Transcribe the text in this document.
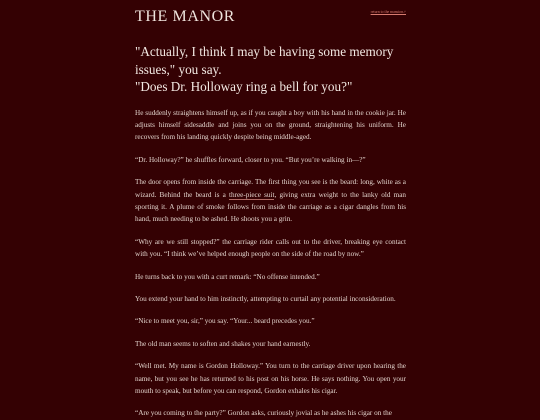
THE MANOR	return to the mansion↗
"Actually, I think I may be having some memory issues," you say.
"Does Dr. Holloway ring a bell for you?"

He suddenly straightens himself up, as if you caught a boy with his hand in the cookie jar. He adjusts himself sidesaddle and joins you on the ground, straightening his uniform. He recovers from his landing quickly despite being middle-aged.

“Dr. Holloway?” he shuffles forward, closer to you. “But you’re walking in—?”

The door opens from inside the carriage. The first thing you see is the beard: long, white as a wizard. Behind the beard is a three-piece suit, giving extra weight to the lanky old man sporting it. A plume of smoke follows from inside the carriage as a cigar dangles from his hand, much needing to be ashed. He shoots you a grin.

“Why are we still stopped?” the carriage rider calls out to the driver, breaking eye contact with you. “I think we’ve helped enough people on the side of the road by now.”

He turns back to you with a curt remark: “No offense intended.”

You extend your hand to him instinctly, attempting to curtail any potential inconsideration.

“Nice to meet you, sir,” you say. “Your... beard precedes you.”

The old man seems to soften and shakes your hand earnestly.

“Well met. My name is Gordon Holloway.” You turn to the carriage driver upon hearing the name, but you see he has returned to his post on his horse. He says nothing. You open your mouth to speak, but before you can respond, Gordon exhales his cigar.

“Are you coming to the party?” Gordon asks, curiously jovial as he ashes his cigar on the
